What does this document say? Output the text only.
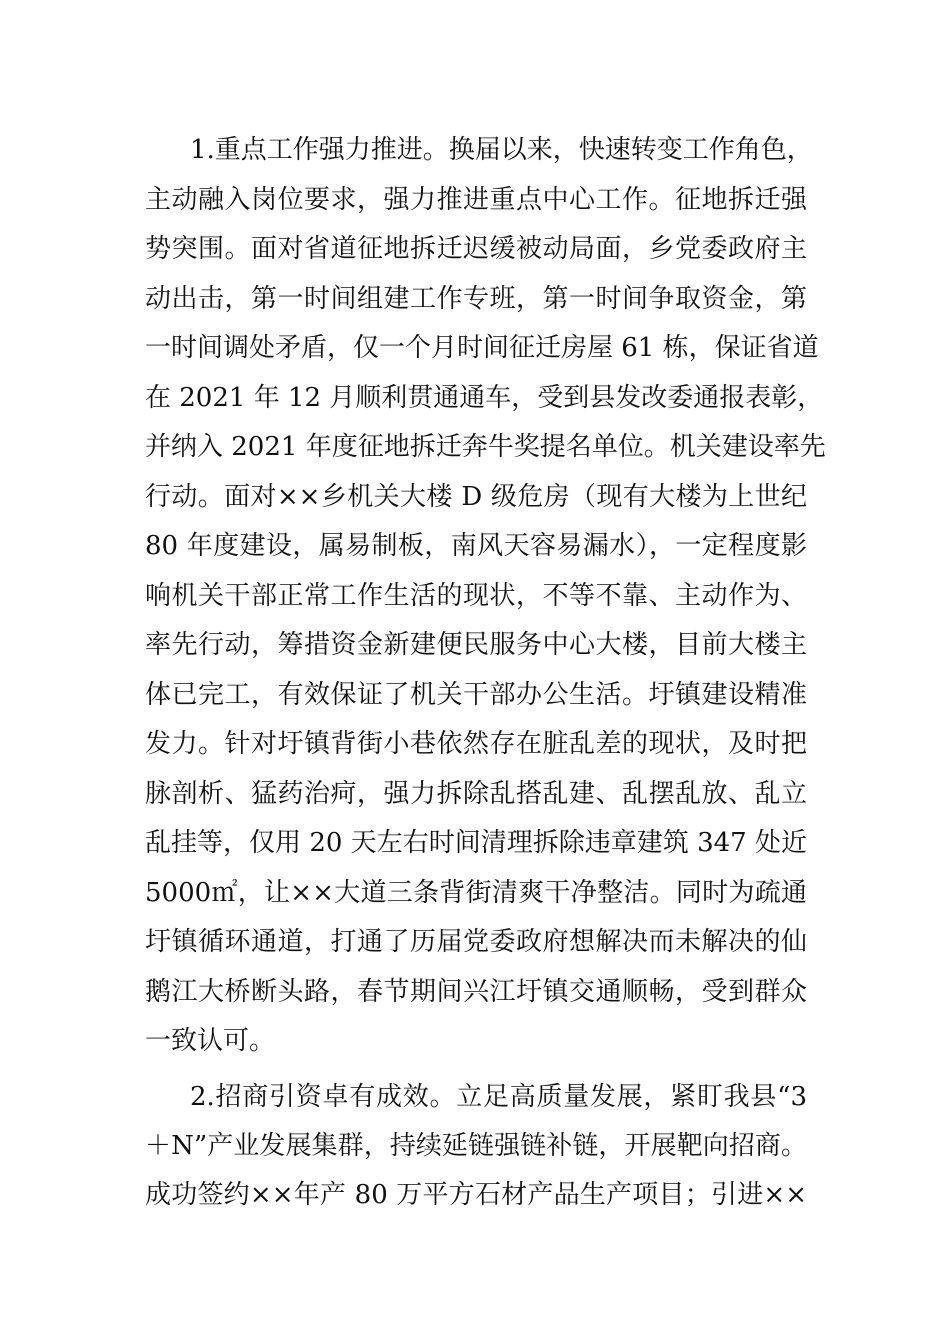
1.重点工作强力推进。换届以来，快速转变工作角色，
主动融入岗位要求，强力推进重点中心工作。征地拆迁强
势突围。面对省道征地拆迁迟缓被动局面，乡党委政府主
动出击，第一时间组建工作专班，第一时间争取资金，第
一时间调处矛盾，仅一个月时间征迁房屋 61 栋，保证省道
在 2021 年 12 月顺利贯通通车，受到县发改委通报表彰，
并纳入 2021 年度征地拆迁奔牛奖提名单位。机关建设率先
行动。面对××乡机关大楼 D 级危房（现有大楼为上世纪
80 年度建设，属易制板，南风天容易漏水），一定程度影
响机关干部正常工作生活的现状，不等不靠、主动作为、
率先行动，筹措资金新建便民服务中心大楼，目前大楼主
体已完工，有效保证了机关干部办公生活。圩镇建设精准
发力。针对圩镇背街小巷依然存在脏乱差的现状，及时把
脉剖析、猛药治疴，强力拆除乱搭乱建、乱摆乱放、乱立
乱挂等，仅用 20 天左右时间清理拆除违章建筑 347 处近
5000㎡，让××大道三条背街清爽干净整洁。同时为疏通
圩镇循环通道，打通了历届党委政府想解决而未解决的仙
鹅江大桥断头路，春节期间兴江圩镇交通顺畅，受到群众
一致认可。
2.招商引资卓有成效。立足高质量发展，紧盯我县“3
＋N”产业发展集群，持续延链强链补链，开展靶向招商。
成功签约××年产 80 万平方石材产品生产项目；引进××
